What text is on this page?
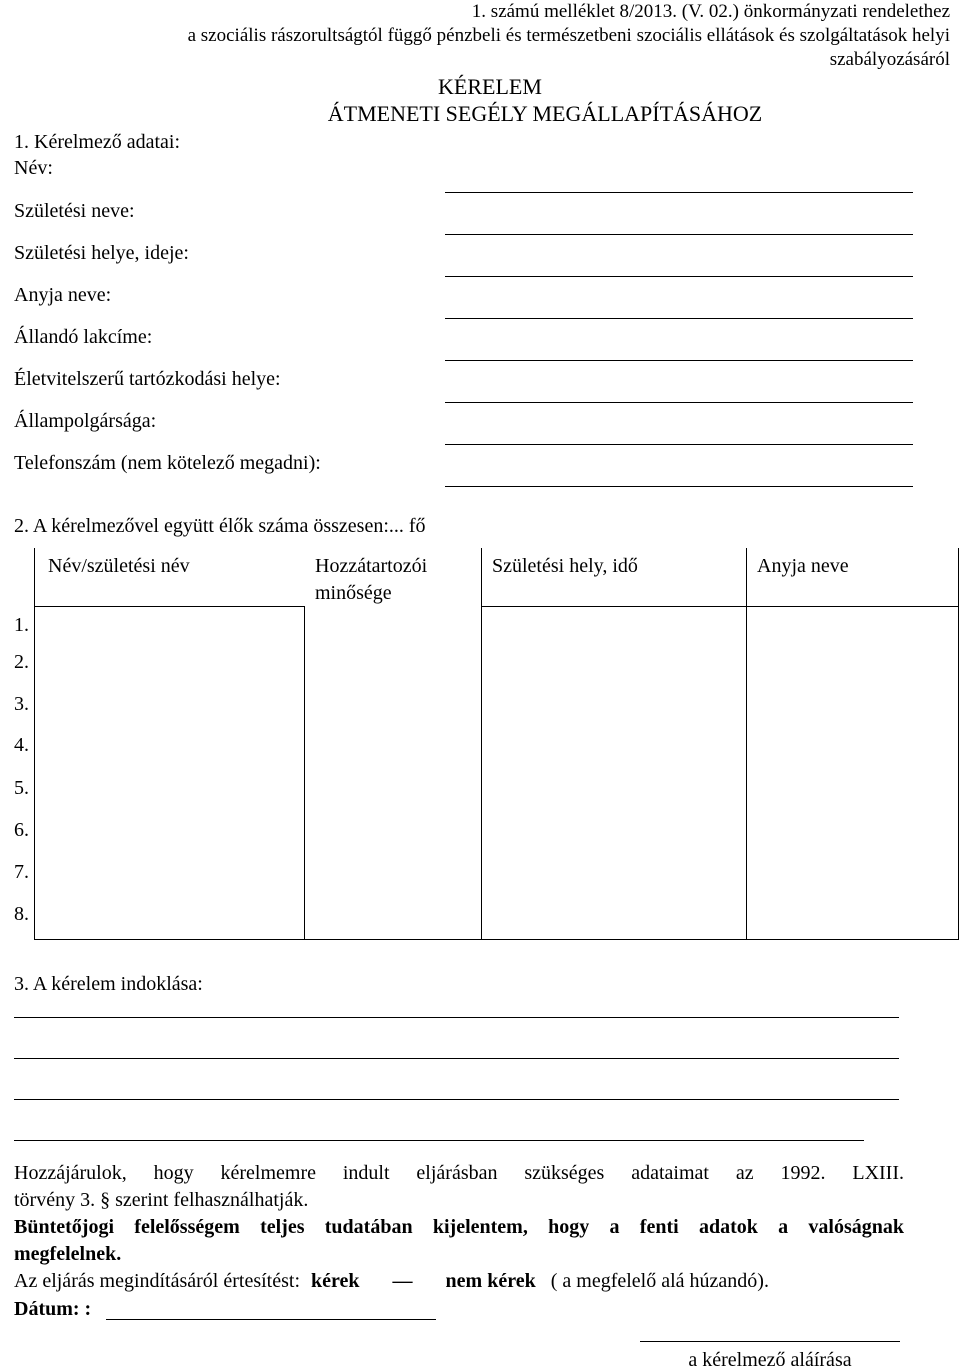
1. számú melléklet 8/2013. (V. 02.) önkormányzati rendelethez
a szociális rászorultságtól függő pénzbeli és természetbeni szociális ellátások és szolgáltatások helyi
szabályozásáról
KÉRELEM
ÁTMENETI SEGÉLY MEGÁLLAPÍTÁSÁHOZ
1. Kérelmező adatai:
Név:
Születési neve:
Születési helye, ideje:
Anyja neve:
Állandó lakcíme:
Életvitelszerű tartózkodási helye:
Állampolgársága:
Telefonszám (nem kötelező megadni):
2. A kérelmezővel együtt élők száma összesen:... fő
Név/születési név	Hozzátartozói
minősége
Születési hely, idő	Anyja neve
1.
2.
3.
4.
5.
6.
7.
8.
3. A kérelem indoklása:
Hozzájárulok, hogy kérelmemre indult eljárásban szükséges adataimat az 1992. LXIII.
törvény 3. § szerint felhasználhatják.
Büntetőjogi felelősségem teljes tudatában kijelentem, hogy a fenti adatok a valóságnak
megfelelnek.
Az eljárás megindításáról értesítést: kérek — nem kérek ( a megfelelő alá húzandó).
Dátum: :
a kérelmező aláírása
